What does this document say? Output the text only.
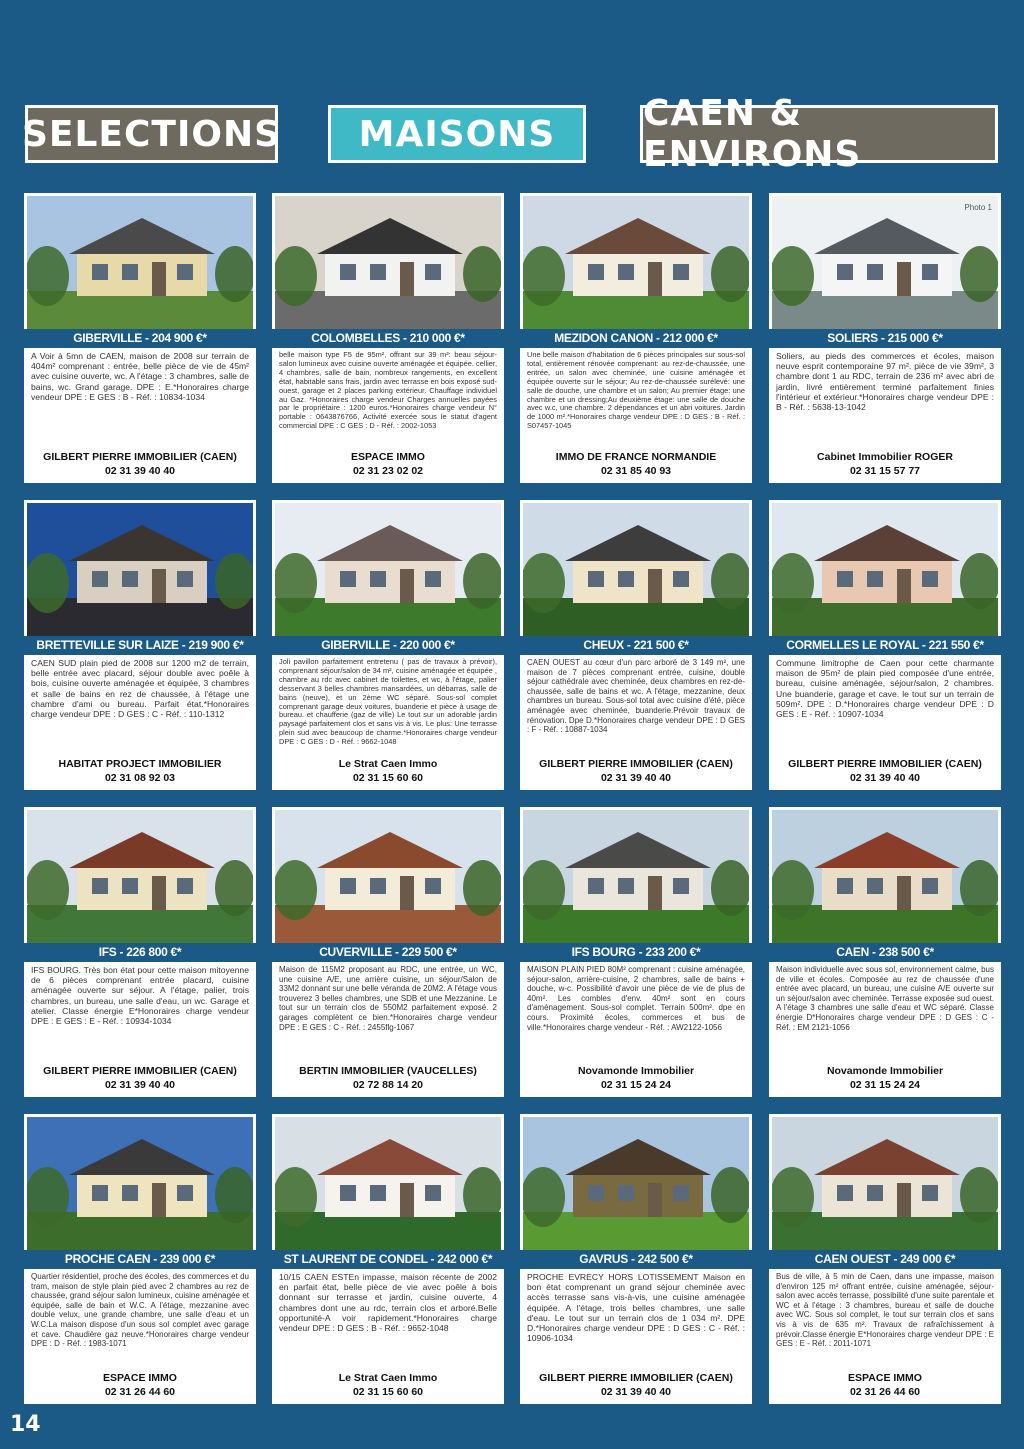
SELECTIONS	MAISONS	CAEN & ENVIRONS
GIBERVILLE - 204 900 €*
A Voir à 5mn de CAEN, maison de 2008 sur terrain de 404m² comprenant : entrée, belle pièce de vie de 45m² avec cuisine ouverte, wc. A l'étage : 3 chambres, salle de bains, wc. Grand garage. DPE : E.*Honoraires charge vendeur DPE : E GES : B - Réf. : 10834-1034
GILBERT PIERRE IMMOBILIER (CAEN)
02 31 39 40 40
COLOMBELLES - 210 000 €*
belle maison type F5 de 95m², offrant sur 39 m²: beau séjour-salon lumineux avec cuisine ouverte aménagée et équipée. cellier, 4 chambres, salle de bain, nombreux rangements, en excellent état, habitable sans frais, jardin avec terrasse en bois exposé sud-ouest, garage et 2 places parking extérieur. Chauffage individuel au Gaz. *Honoraires charge vendeur Charges annuelles payées par le propriétaire : 1200 euros.*Honoraires charge vendeur N° portable : 0643876766, Activité exercée sous le statut d'agent commercial DPE : C GES : D - Réf. : 2002-1053
ESPACE IMMO
02 31 23 02 02
MEZIDON CANON - 212 000 €*
Une belle maison d'habitation de 6 pièces principales sur sous-sol total, entièrement rénovée comprenant: au rez-de-chaussée, une entrée, un salon avec cheminée, une cuisine aménagée et équipée ouverte sur le séjour; Au rez-de-chaussée surélevé: une salle de douche, une chambre et un salon; Au premier étage: une chambre et un dressing;Au deuxième étage: une salle de douche avec w.c, une chambre. 2 dépendances et un abri voitures. Jardin de 1000 m².*Honoraires charge vendeur DPE : D GES : B - Réf. : S07457-1045
IMMO DE FRANCE NORMANDIE
02 31 85 40 93
Photo 1
SOLIERS - 215 000 €*
Soliers, au pieds des commerces et écoles, maison neuve esprit contemporaine 97 m². pièce de vie 39m², 3 chambre dont 1 au RDC, terrain de 236 m² avec abri de jardin, livré entièrement terminé parfaitement finies l'intérieur et extérieur.*Honoraires charge vendeur DPE : B - Réf. : 5638-13-1042
Cabinet Immobilier ROGER
02 31 15 57 77
BRETTEVILLE SUR LAIZE - 219 900 €*
CAEN SUD plain pied de 2008 sur 1200 m2 de terrain, belle entrée avec placard, séjour double avec poêle à bois, cuisine ouverte aménagée et équipée, 3 chambres et salle de bains en rez de chaussée, à l'étage une chambre d'ami ou bureau. Parfait état.*Honoraires charge vendeur DPE : D GES : C - Réf. : 110-1312
HABITAT PROJECT IMMOBILIER
02 31 08 92 03
GIBERVILLE - 220 000 €*
Joli pavillon parfaitement entretenu ( pas de travaux à prévoir), comprenant séjour/salon de 34 m², cuisine aménagée et équipée , chambre au rdc avec cabinet de toilettes, et wc, à l'étage, palier desservant 3 belles chambres mansardées, un débarras, salle de bains (neuve), et un 2ème WC séparé. Sous-sol complet comprenant garage deux voitures, buanderie et pièce à usage de bureau. et chaufferie (gaz de ville) Le tout sur un adorable jardin paysagé parfaitement clos et sans vis à vis. Le plus: Une terrasse plein sud avec beaucoup de charme.*Honoraires charge vendeur DPE : C GES : D - Réf. : 9662-1048
Le Strat Caen Immo
02 31 15 60 60
CHEUX - 221 500 €*
CAEN OUEST au cœur d'un parc arboré de 3 149 m², une maison de 7 pièces comprenant entrée, cuisine, double séjour cathédrale avec cheminée, deux chambres en rez-de-chaussée, salle de bains et wc. A l'étage, mezzanine, deux chambres un bureau. Sous-sol total avec cuisine d'été, pièce aménagée avec cheminée, buanderie.Prévoir travaux de rénovation. Dpe D.*Honoraires charge vendeur DPE : D GES : F - Réf. : 10887-1034
GILBERT PIERRE IMMOBILIER (CAEN)
02 31 39 40 40
CORMELLES LE ROYAL - 221 550 €*
Commune limitrophe de Caen pour cette charmante maison de 95m² de plain pied composée d'une entrée, bureau, cuisine aménagée, séjour/salon, 2 chambres. Une buanderie, garage et cave. le tout sur un terrain de 509m². DPE : D.*Honoraires charge vendeur DPE : D GES : E - Réf. : 10907-1034
GILBERT PIERRE IMMOBILIER (CAEN)
02 31 39 40 40
IFS - 226 800 €*
IFS BOURG. Très bon état pour cette maison mitoyenne de 6 pièces comprenant entrée placard, cuisine aménagée ouverte sur séjour. A l'étage, palier, trois chambres, un bureau, une salle d'eau, un wc. Garage et atelier. Classe énergie E*Honoraires charge vendeur DPE : E GES : E - Réf. : 10934-1034
GILBERT PIERRE IMMOBILIER (CAEN)
02 31 39 40 40
CUVERVILLE - 229 500 €*
Maison de 115M2 proposant au RDC, une entrée, un WC, une cuisine A/E, une arrière cuisine, un séjour/Salon de 33M2 donnant sur une belle véranda de 20M2. A l'étage vous trouverez 3 belles chambres, une SDB et une Mezzanine. Le tout sur un terrain clos de 550M2 parfaitement exposé. 2 garages complètent ce bien.*Honoraires charge vendeur DPE : E GES : C - Réf. : 2455flg-1067
BERTIN IMMOBILIER (VAUCELLES)
02 72 88 14 20
IFS BOURG - 233 200 €*
MAISON PLAIN PIED 80M² comprenant : cuisine aménagée, séjour-salon, arrière-cuisine, 2 chambres, salle de bains + douche, w-c. Possibilité d'avoir une pièce de vie de plus de 40m². Les combles d'env. 40m² sont en cours d'aménagement. Sous-sol complet. Terrain 500m². dpe en cours. Proximité écoles, commerces et bus de ville.*Honoraires charge vendeur - Réf. : AW2122-1056
Novamonde Immobilier
02 31 15 24 24
CAEN - 238 500 €*
Maison individuelle avec sous sol, environnement calme, bus de ville et écoles. Composée au rez de chaussée d'une entrée avec placard, un bureau, une cuisine A/E ouverte sur un séjour/salon avec cheminée. Terrasse exposée sud ouest. A l'étage 3 chambres une salle d'eau et WC séparé. Classe énergie D*Honoraires charge vendeur DPE : D GES : C - Réf. : EM 2121-1056
Novamonde Immobilier
02 31 15 24 24
PROCHE CAEN - 239 000 €*
Quartier résidentiel, proche des écoles, des commerces et du tram, maison de style plain pied avec 2 chambres au rez de chaussée, grand séjour salon lumineux, cuisine aménagée et équipée, salle de bain et W.C. A l'étage, mezzanine avec double velux, une grande chambre, une salle d'eau et un W.C.La maison dispose d'un sous sol complet avec garage et cave. Chaudière gaz neuve.*Honoraires charge vendeur DPE : D - Réf. : 1983-1071
ESPACE IMMO
02 31 26 44 60
ST LAURENT DE CONDEL - 242 000 €*
10/15 CAEN ESTEn impasse, maison récente de 2002 en parfait état, belle pièce de vie avec poêle à bois donnant sur terrasse et jardin, cuisine ouverte, 4 chambres dont une au rdc, terrain clos et arboré.Belle opportunité-A voir rapidement.*Honoraires charge vendeur DPE : D GES : B - Réf. : 9652-1048
Le Strat Caen Immo
02 31 15 60 60
GAVRUS - 242 500 €*
PROCHE EVRECY HORS LOTISSEMENT Maison en bon état comprenant un grand séjour cheminée avec accès terrasse sans vis-à-vis, une cuisine aménagée équipée. A l'étage, trois belles chambres, une salle d'eau. Le tout sur un terrain clos de 1 034 m². DPE D.*Honoraires charge vendeur DPE : D GES : C - Réf. : 10906-1034
GILBERT PIERRE IMMOBILIER (CAEN)
02 31 39 40 40
CAEN OUEST - 249 000 €*
Bus de ville, à 5 min de Caen, dans une impasse, maison d'environ 125 m² offrant entrée, cuisine aménagée, séjour-salon avec accès terrasse, possibilité d'une suite parentale et WC et à l'étage : 3 chambres, bureau et salle de douche avec WC. Sous sol complet, le tout sur terrain clos et sans vis à vis de 635 m². Travaux de rafraîchissement à prévoir.Classe énergie E*Honoraires charge vendeur DPE : E GES : E - Réf. : 2011-1071
ESPACE IMMO
02 31 26 44 60
14
